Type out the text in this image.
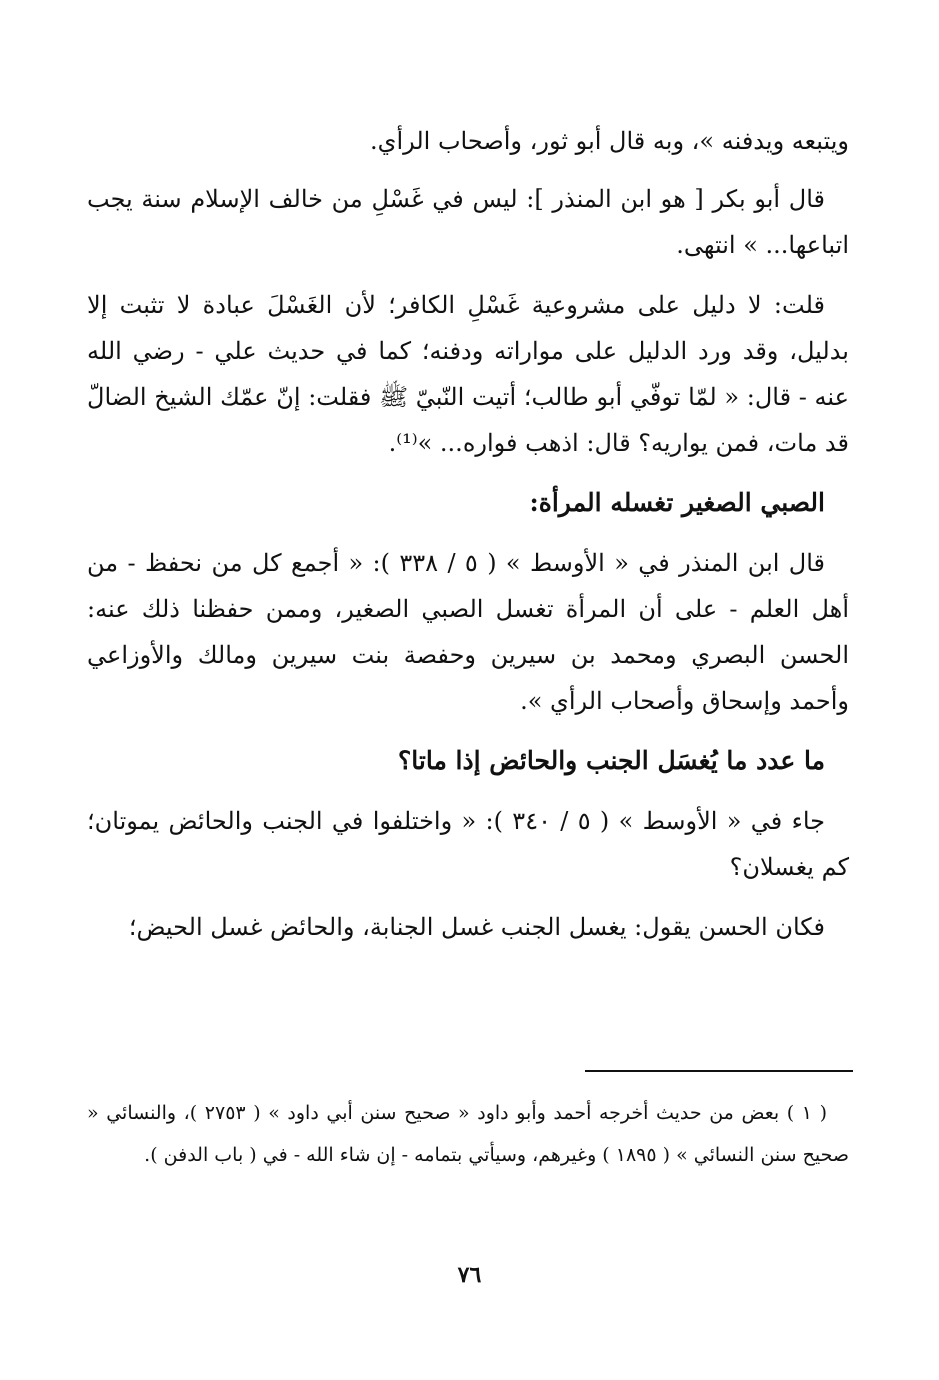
ويتبعه ويدفنه »، وبه قال أبو ثور، وأصحاب الرأي.

قال أبو بكر [ هو ابن المنذر ]: ليس في غَسْلِ من خالف الإسلام سنة يجب اتباعها... » انتهى.

قلت: لا دليل على مشروعية غَسْلِ الكافر؛ لأن الغَسْلَ عبادة لا تثبت إلا بدليل، وقد ورد الدليل على مواراته ودفنه؛ كما في حديث علي - رضي الله عنه - قال: « لمّا توفّي أبو طالب؛ أتيت النّبيّ ﷺ فقلت: إنّ عمّك الشيخ الضالّ قد مات، فمن يواريه؟ قال: اذهب فواره... »⁽¹⁾.

الصبي الصغير تغسله المرأة:

قال ابن المنذر في « الأوسط » ( ٥ / ٣٣٨ ): « أجمع كل من نحفظ - من أهل العلم - على أن المرأة تغسل الصبي الصغير، وممن حفظنا ذلك عنه: الحسن البصري ومحمد بن سيرين وحفصة بنت سيرين ومالك والأوزاعي وأحمد وإسحاق وأصحاب الرأي ».

ما عدد ما يُغسَل الجنب والحائض إذا ماتا؟

جاء في « الأوسط » ( ٥ / ٣٤٠ ): « واختلفوا في الجنب والحائض يموتان؛ كم يغسلان؟

فكان الحسن يقول: يغسل الجنب غسل الجنابة، والحائض غسل الحيض؛

( ١ ) بعض من حديث أخرجه أحمد وأبو داود « صحيح سنن أبي داود » ( ٢٧٥٣ )، والنسائي « صحيح سنن النسائي » ( ١٨٩٥ ) وغيرهم، وسيأتي بتمامه - إن شاء الله - في ( باب الدفن ).

٧٦
